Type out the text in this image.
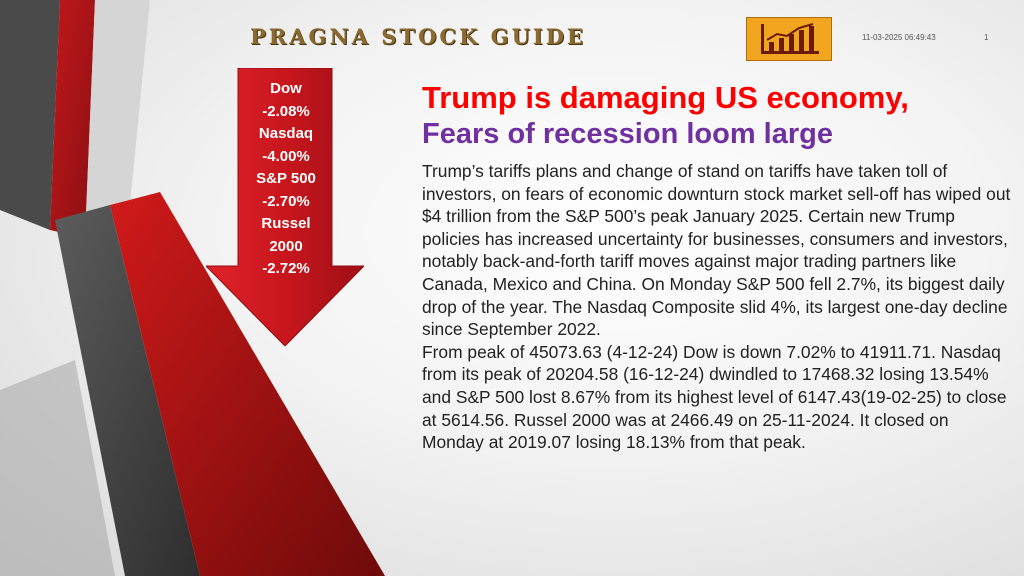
PRAGNA STOCK GUIDE	11-03-2025 06:49:43	1
Dow
-2.08%
Nasdaq
-4.00%
S&P 500
-2.70%
Russel
2000
-2.72%
Trump is damaging US economy,
Fears of recession loom large

Trump’s tariffs plans and change of stand on tariffs have taken toll of investors, on fears of economic downturn stock market sell-off has wiped out $4 trillion from the S&P 500’s peak January 2025. Certain new Trump policies has increased uncertainty for businesses, consumers and investors, notably back-and-forth tariff moves against major trading partners like Canada, Mexico and China. On Monday S&P 500 fell 2.7%, its biggest daily drop of the year. The Nasdaq Composite slid 4%, its largest one-day decline since September 2022.

From peak of 45073.63 (4-12-24) Dow is down 7.02% to 41911.71. Nasdaq from its peak of 20204.58 (16-12-24) dwindled to 17468.32 losing 13.54% and S&P 500 lost 8.67% from its highest level of 6147.43(19-02-25) to close at 5614.56. Russel 2000 was at 2466.49 on 25-11-2024. It closed on Monday at 2019.07 losing 18.13% from that peak.
